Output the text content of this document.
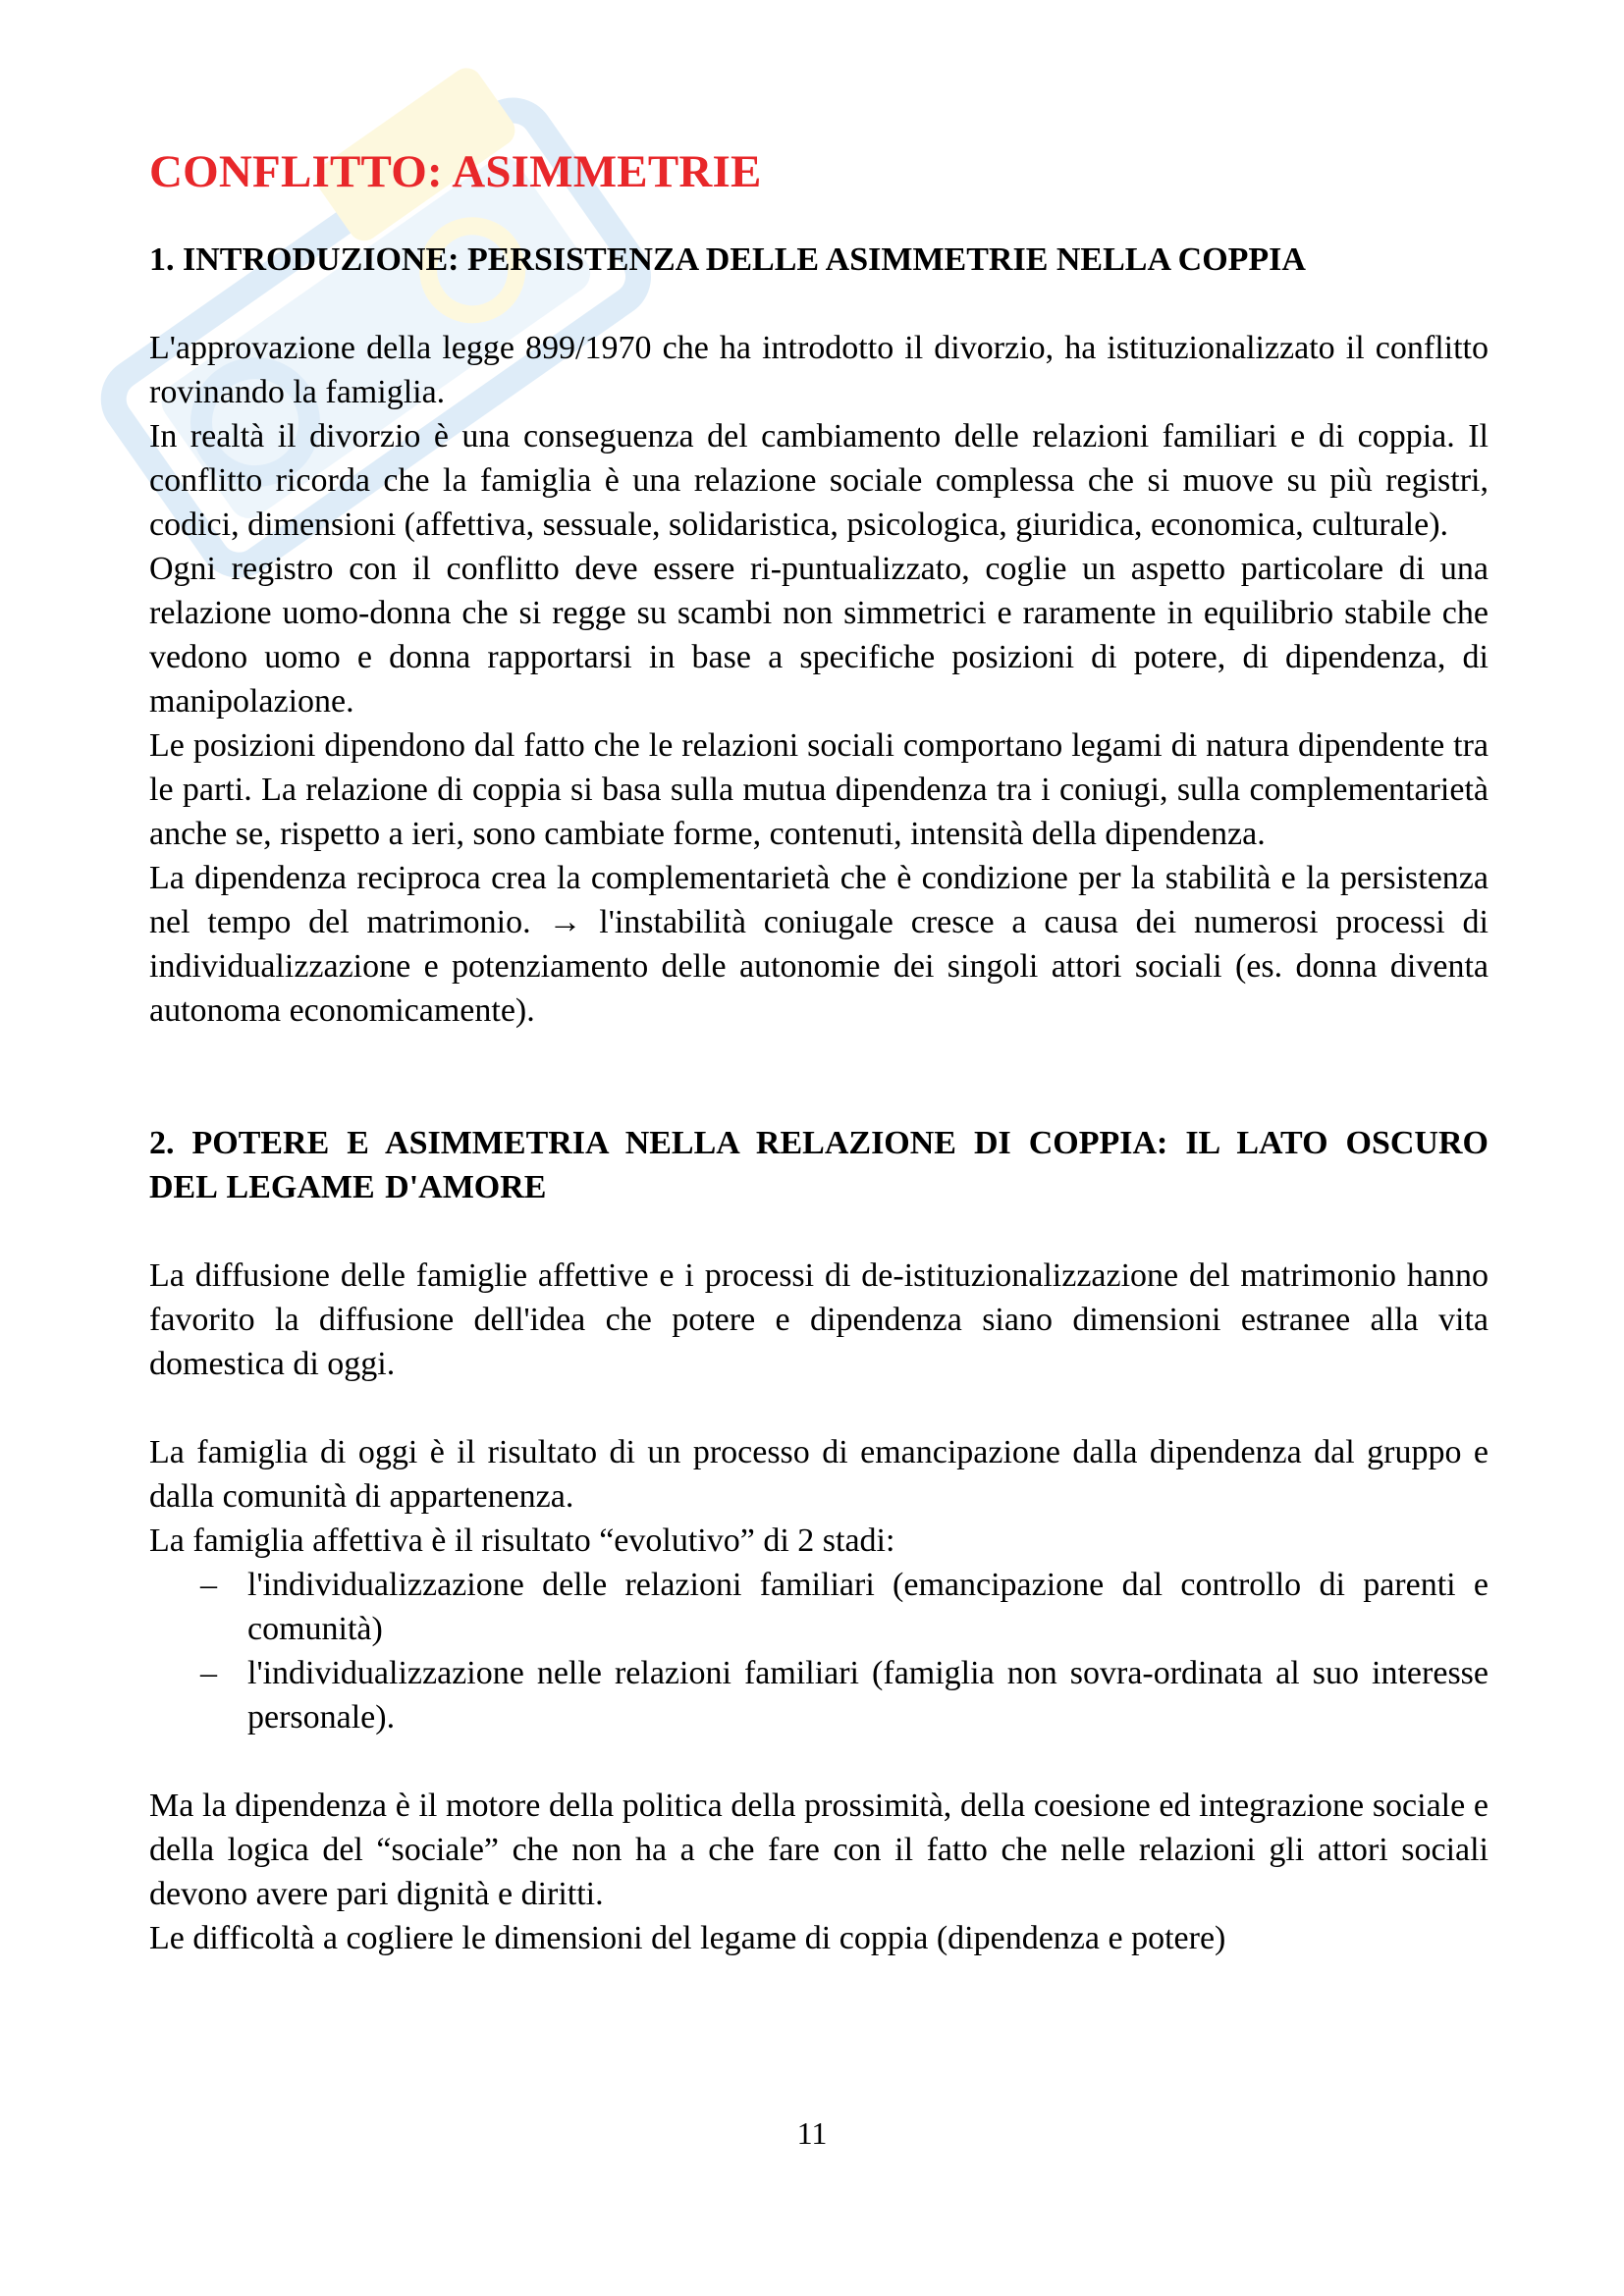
CONFLITTO: ASIMMETRIE
1. INTRODUZIONE: PERSISTENZA DELLE ASIMMETRIE NELLA COPPIA

L'approvazione della legge 899/1970 che ha introdotto il divorzio, ha istituzionalizzato il conflitto rovinando la famiglia.

In realtà il divorzio è una conseguenza del cambiamento delle relazioni familiari e di coppia. Il conflitto ricorda che la famiglia è una relazione sociale complessa che si muove su più registri, codici, dimensioni (affettiva, sessuale, solidaristica, psicologica, giuridica, economica, culturale).

Ogni registro con il conflitto deve essere ri-puntualizzato, coglie un aspetto particolare di una relazione uomo-donna che si regge su scambi non simmetrici e raramente in equilibrio stabile che vedono uomo e donna rapportarsi in base a specifiche posizioni di potere, di dipendenza, di manipolazione.

Le posizioni dipendono dal fatto che le relazioni sociali comportano legami di natura dipendente tra le parti. La relazione di coppia si basa sulla mutua dipendenza tra i coniugi, sulla complementarietà anche se, rispetto a ieri, sono cambiate forme, contenuti, intensità della dipendenza.

La dipendenza reciproca crea la complementarietà che è condizione per la stabilità e la persistenza nel tempo del matrimonio. → l'instabilità coniugale cresce a causa dei numerosi processi di individualizzazione e potenziamento delle autonomie dei singoli attori sociali (es. donna diventa autonoma economicamente).

2. POTERE E ASIMMETRIA NELLA RELAZIONE DI COPPIA: IL LATO OSCURO DEL LEGAME D'AMORE

La diffusione delle famiglie affettive e i processi di de-istituzionalizzazione del matrimonio hanno favorito la diffusione dell'idea che potere e dipendenza siano dimensioni estranee alla vita domestica di oggi.

La famiglia di oggi è il risultato di un processo di emancipazione dalla dipendenza dal gruppo e dalla comunità di appartenenza.

La famiglia affettiva è il risultato “evolutivo” di 2 stadi:

– l'individualizzazione delle relazioni familiari (emancipazione dal controllo di parenti e comunità)
– l'individualizzazione nelle relazioni familiari (famiglia non sovra-ordinata al suo interesse personale).

Ma la dipendenza è il motore della politica della prossimità, della coesione ed integrazione sociale e della logica del “sociale” che non ha a che fare con il fatto che nelle relazioni gli attori sociali devono avere pari dignità e diritti.

Le difficoltà a cogliere le dimensioni del legame di coppia (dipendenza e potere)

11
